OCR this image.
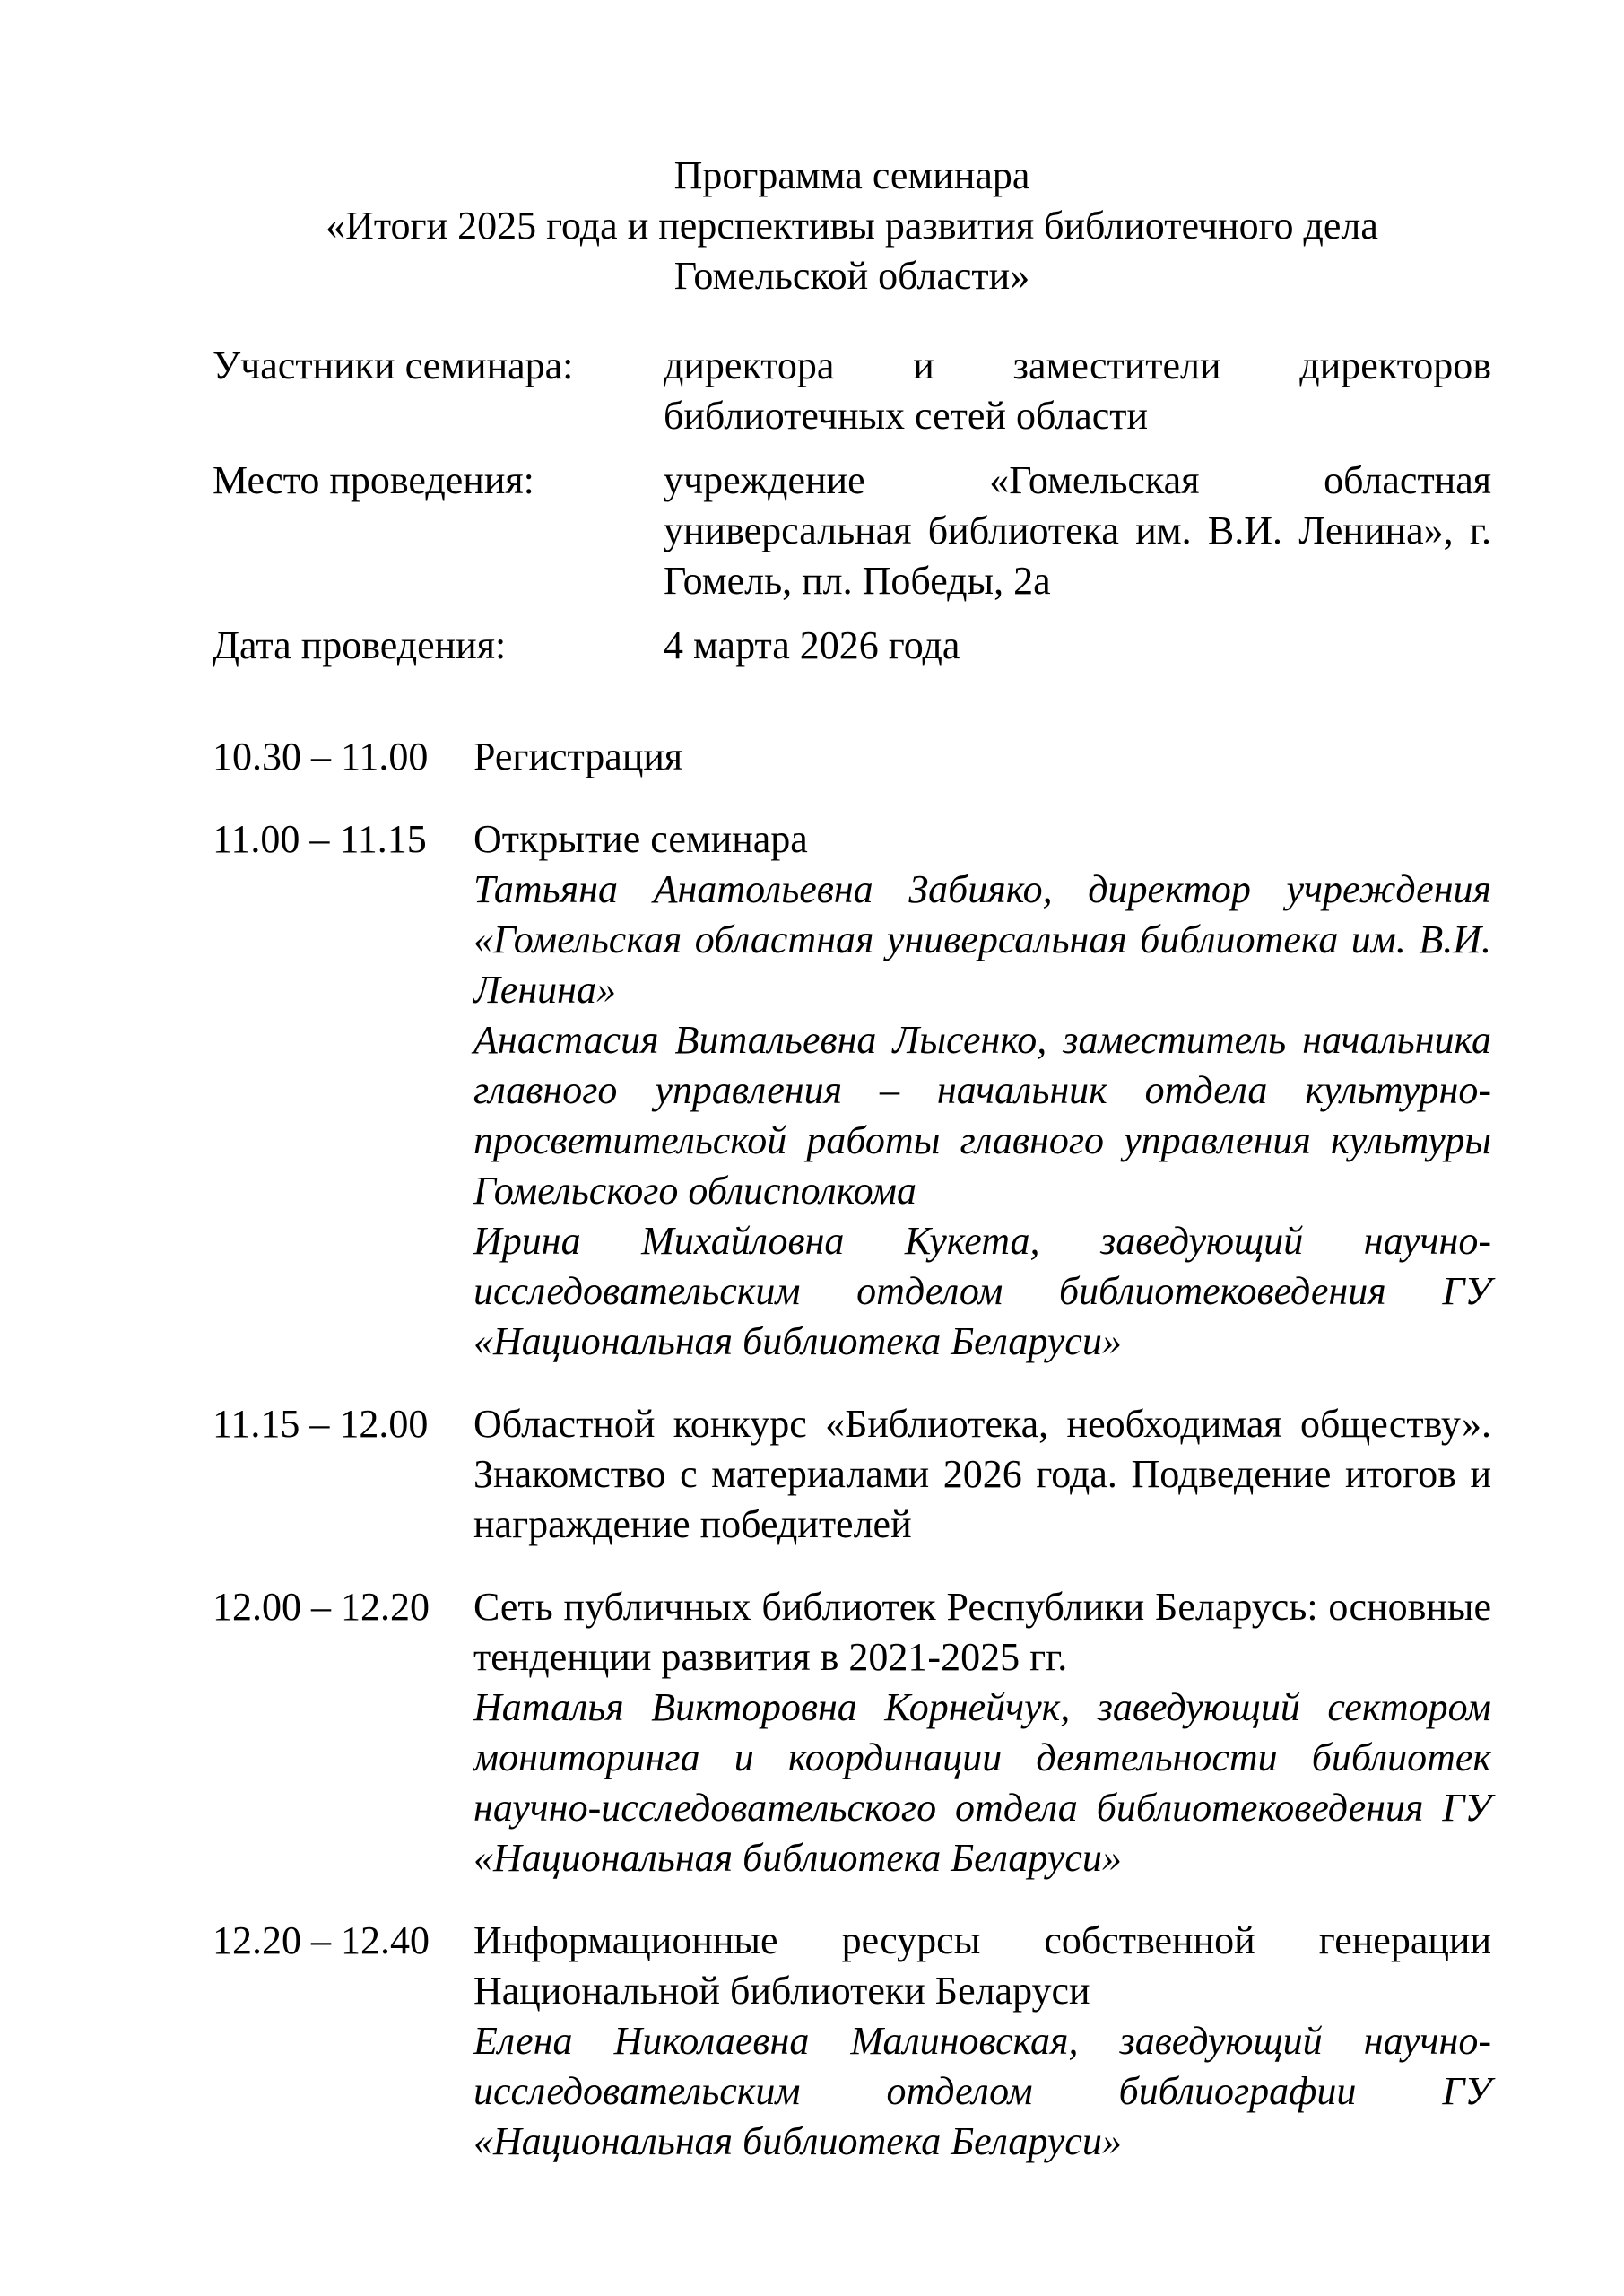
Программа семинара
«Итоги 2025 года и перспективы развития библиотечного дела
Гомельской области»
Участники семинара:	директора и заместители директоров библиотечных сетей области
Место проведения:	учреждение «Гомельская областная универсальная библиотека им. В.И. Ленина», г. Гомель, пл. Победы, 2а
Дата проведения:	4 марта 2026 года
10.30 – 11.00	Регистрация
11.00 – 11.15	Открытие семинара
Татьяна Анатольевна Забияко, директор учреждения «Гомельская областная универсальная библиотека им. В.И. Ленина»
Анастасия Витальевна Лысенко, заместитель начальника главного управления – начальник отдела культурно-просветительской работы главного управления культуры Гомельского облисполкома
Ирина Михайловна Кукета, заведующий научно-исследовательским отделом библиотековедения ГУ «Национальная библиотека Беларуси»
11.15 – 12.00	Областной конкурс «Библиотека, необходимая обществу». Знакомство с материалами 2026 года. Подведение итогов и награждение победителей
12.00 – 12.20	Сеть публичных библиотек Республики Беларусь: основные тенденции развития в 2021-2025 гг.
Наталья Викторовна Корнейчук, заведующий сектором мониторинга и координации деятельности библиотек научно-исследовательского отдела библиотековедения ГУ «Национальная библиотека Беларуси»
12.20 – 12.40	Информационные ресурсы собственной генерации Национальной библиотеки Беларуси
Елена Николаевна Малиновская, заведующий научно-исследовательским отделом библиографии ГУ «Национальная библиотека Беларуси»
